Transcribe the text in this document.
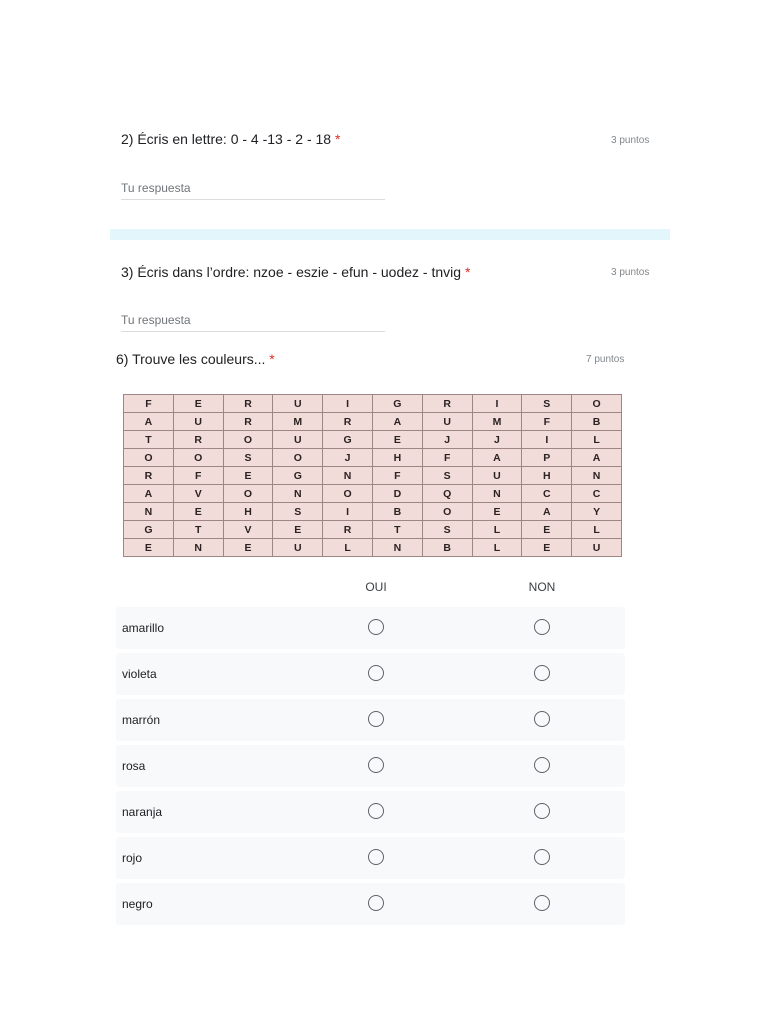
2) Écris en lettre: 0 - 4 -13 - 2 - 18 *	3 puntos
Tu respuesta
3) Écris dans l’ordre: nzoe - eszie - efun - uodez - tnvig *	3 puntos
Tu respuesta
6) Trouve les couleurs... *	7 puntos
F	E	R	U	I	G	R	I	S	O
A	U	R	M	R	A	U	M	F	B
T	R	O	U	G	E	J	J	I	L
O	O	S	O	J	H	F	A	P	A
R	F	E	G	N	F	S	U	H	N
A	V	O	N	O	D	Q	N	C	C
N	E	H	S	I	B	O	E	A	Y
G	T	V	E	R	T	S	L	E	L
E	N	E	U	L	N	B	L	E	U
OUI	NON
amarillo
violeta
marrón
rosa
naranja
rojo
negro
